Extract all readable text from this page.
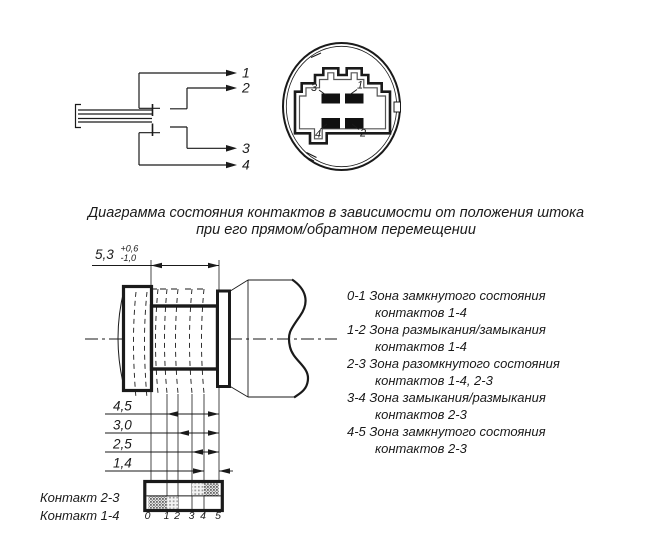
1
2
3
4
3	1
4	2
5,3 +0,6
-1,0
4,5
3,0
2,5
1,4
0 1 2 3 4 5
Диаграмма состояния контактов в зависимости от положения штока
при его прямом/обратном перемещении
0-1 Зона замкнутого состояния
контактов 1-4
1-2 Зона размыкания/замыкания
контактов 1-4
2-3 Зона разомкнутого состояния
контактов 1-4, 2-3
3-4 Зона замыкания/размыкания
контактов 2-3
4-5 Зона замкнутого состояния
контактов 2-3
Контакт 2-3
Контакт 1-4
